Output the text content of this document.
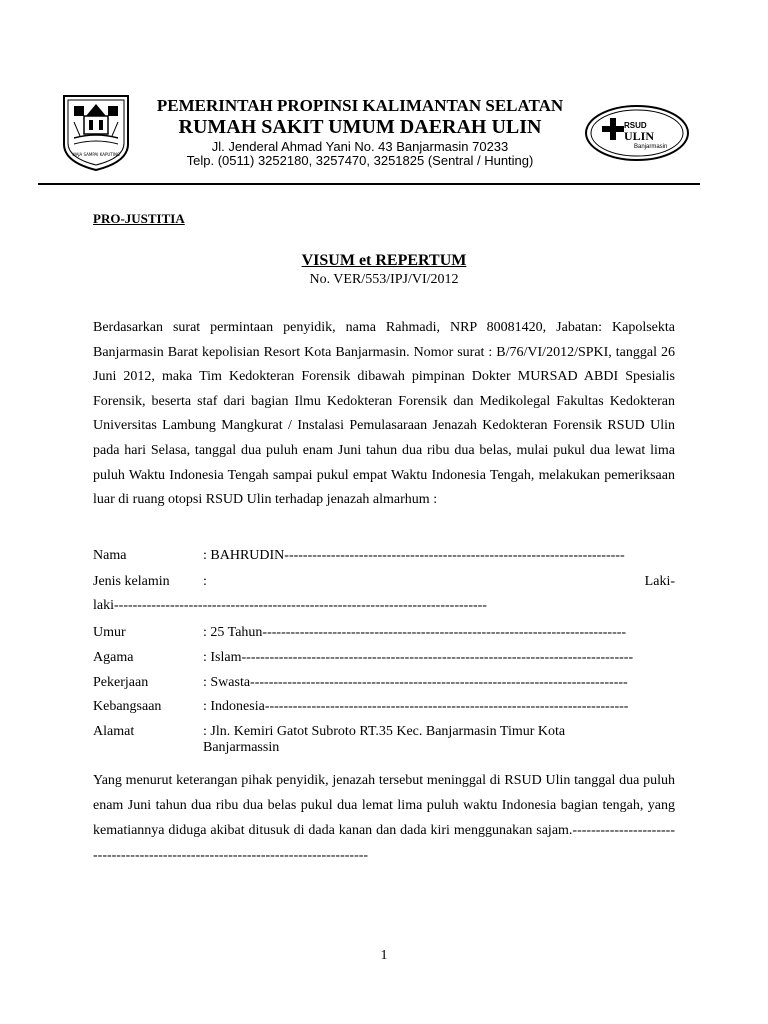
WAJA SAMPAI KAPUTING
PEMERINTAH PROPINSI KALIMANTAN SELATAN
RUMAH SAKIT UMUM DAERAH ULIN
Jl. Jenderal Ahmad Yani No. 43 Banjarmasin 70233
Telp. (0511) 3252180, 3257470, 3251825 (Sentral / Hunting)
RSUD
ULIN
Banjarmasin
PRO-JUSTITIA
VISUM et REPERTUM
No. VER/553/IPJ/VI/2012
Berdasarkan surat permintaan penyidik, nama Rahmadi, NRP 80081420, Jabatan: Kapolsekta Banjarmasin Barat kepolisian Resort Kota Banjarmasin. Nomor surat : B/76/VI/2012/SPKI, tanggal 26 Juni 2012, maka Tim Kedokteran Forensik dibawah pimpinan Dokter MURSAD ABDI Spesialis Forensik, beserta staf dari bagian Ilmu Kedokteran Forensik dan Medikolegal Fakultas Kedokteran Universitas Lambung Mangkurat / Instalasi Pemulasaraan Jenazah Kedokteran Forensik RSUD Ulin pada hari Selasa, tanggal dua puluh enam Juni tahun dua ribu dua belas, mulai pukul dua lewat lima puluh Waktu Indonesia Tengah sampai pukul empat Waktu Indonesia Tengah, melakukan pemeriksaan luar di ruang otopsi RSUD Ulin terhadap jenazah almarhum :
Nama	: BAHRUDIN-------------------------------------------------------------------------
Jenis kelamin :	Laki-
laki--------------------------------------------------------------------------------
Umur	: 25 Tahun------------------------------------------------------------------------------
Agama	: Islam------------------------------------------------------------------------------------
Pekerjaan	: Swasta---------------------------------------------------------------------------------
Kebangsaan	: Indonesia------------------------------------------------------------------------------
Alamat	: Jln. Kemiri Gatot Subroto RT.35 Kec. Banjarmasin Timur Kota Banjarmassin
Yang menurut keterangan pihak penyidik, jenazah tersebut meninggal di RSUD Ulin tanggal dua puluh enam Juni tahun dua ribu dua belas pukul dua lemat lima puluh waktu Indonesia bagian tengah, yang kematiannya diduga akibat ditusuk di dada kanan dan dada kiri menggunakan sajam.---------------------------------------------------------------------------------
1
